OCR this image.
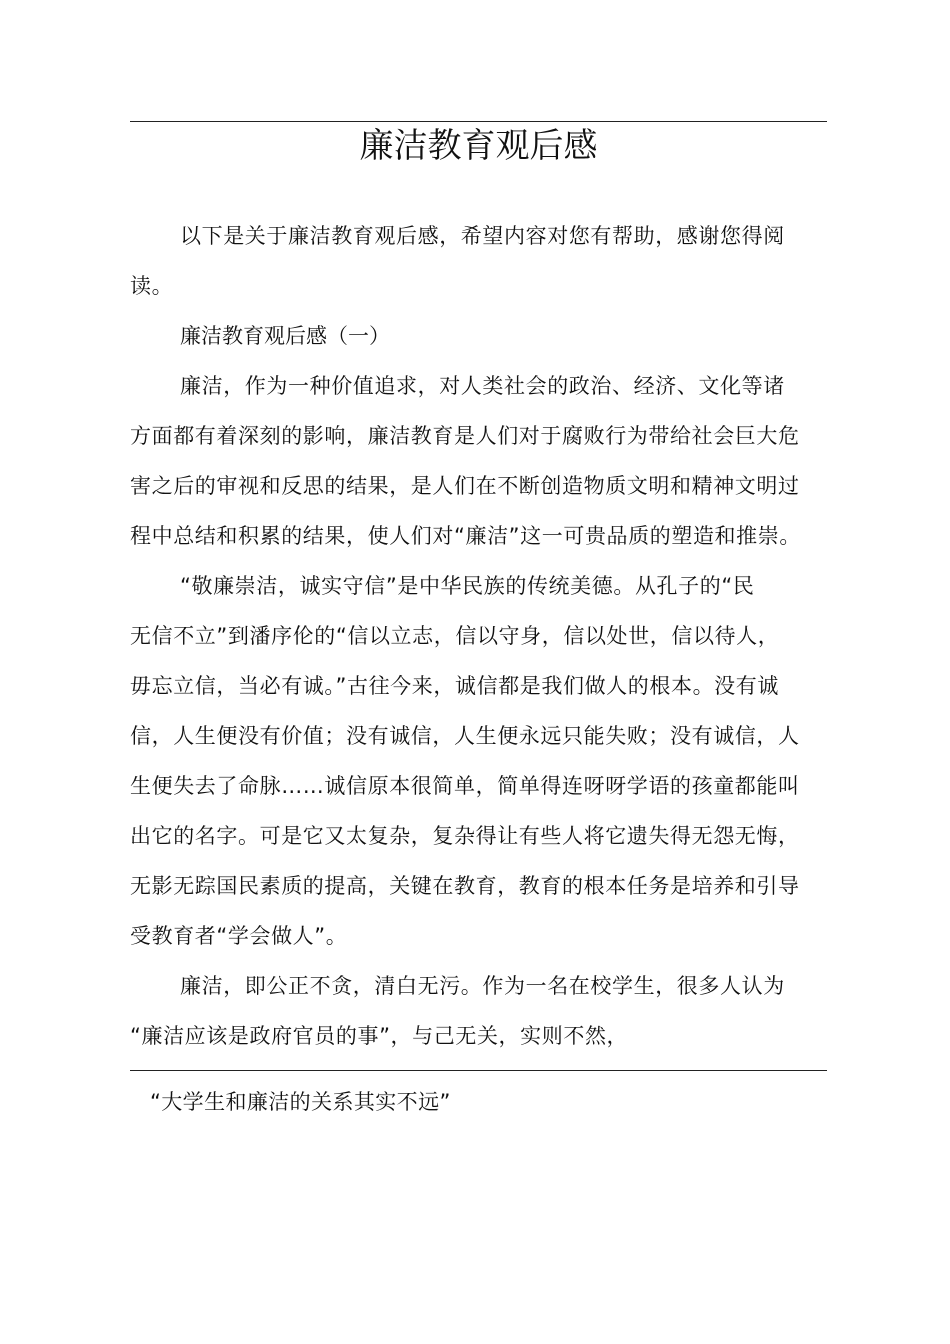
廉洁教育观后感
以下是关于廉洁教育观后感，希望内容对您有帮助，感谢您得阅
读。
廉洁教育观后感（一）
廉洁，作为一种价值追求，对人类社会的政治、经济、文化等诸
方面都有着深刻的影响，廉洁教育是人们对于腐败行为带给社会巨大危
害之后的审视和反思的结果，是人们在不断创造物质文明和精神文明过
程中总结和积累的结果，使人们对“廉洁”这一可贵品质的塑造和推崇。
“敬廉崇洁，诚实守信”是中华民族的传统美德。从孔子的“民
无信不立”到潘序伦的“信以立志，信以守身，信以处世，信以待人，
毋忘立信，当必有诚。”古往今来，诚信都是我们做人的根本。没有诚
信，人生便没有价值；没有诚信，人生便永远只能失败；没有诚信，人
生便失去了命脉……诚信原本很简单，简单得连呀呀学语的孩童都能叫
出它的名字。可是它又太复杂，复杂得让有些人将它遗失得无怨无悔，
无影无踪国民素质的提高，关键在教育，教育的根本任务是培养和引导
受教育者“学会做人”。
廉洁，即公正不贪，清白无污。作为一名在校学生，很多人认为
“廉洁应该是政府官员的事”，与己无关，实则不然，
“大学生和廉洁的关系其实不远”
